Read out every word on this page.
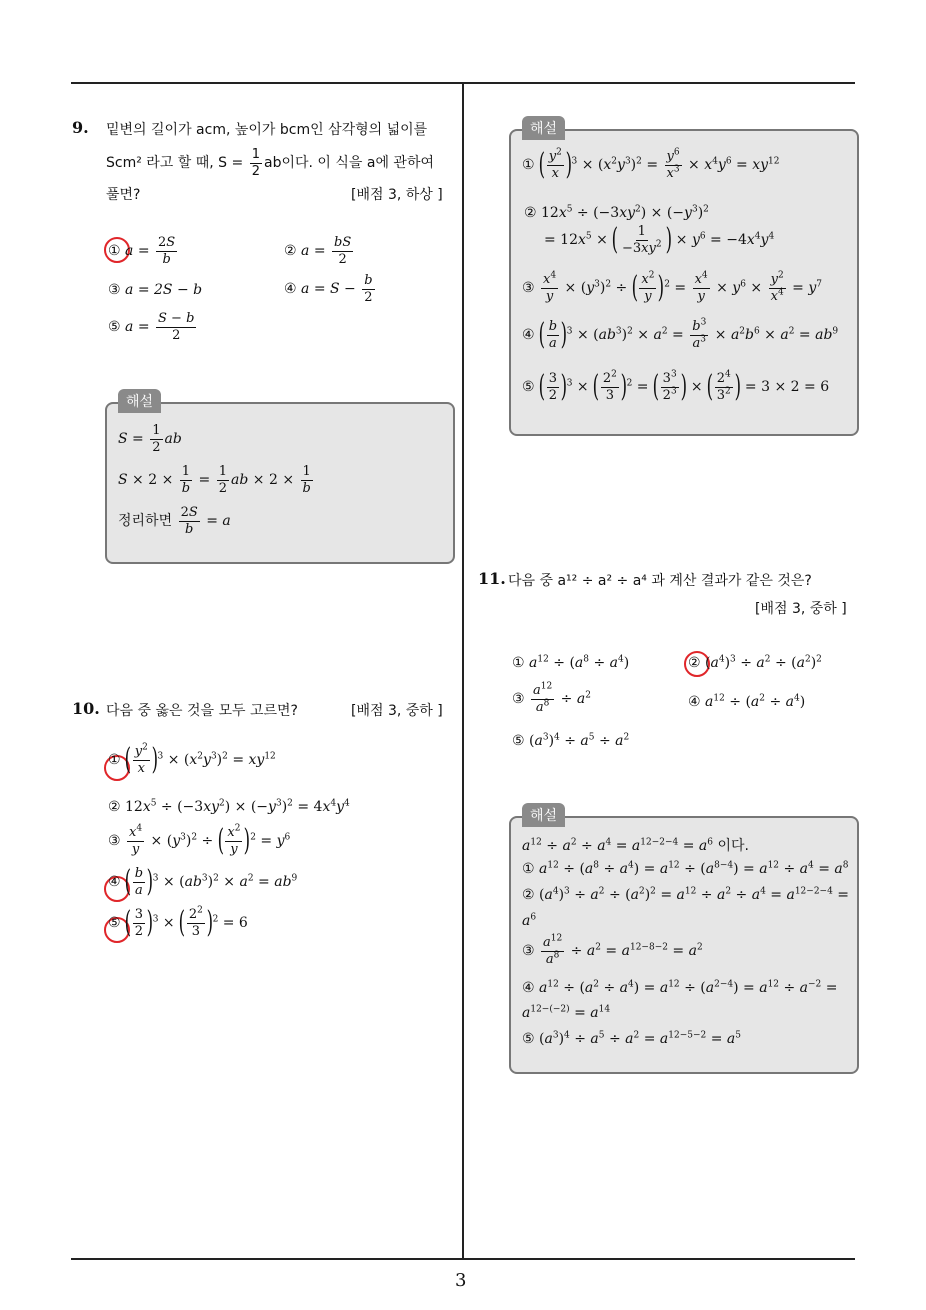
3
9. 밑변의 길이가 acm, 높이가 bcm인 삼각형의 넓이를
Scm² 라고 할 때, $S = \frac{1}{2}$ ab이다. 이 식을 a에 관하여
풀면?	[배점 3, 하상 ]
① $a = \frac{2S}{b}$	② $a = \frac{bS}{2}$
③ a = 2S − b	④ $a = S - \frac{b}{2}$
⑤ $a = \frac{S - b}{2}$
해설
$S = \frac{1}{2}$ ab
$S \times 2 \times \frac{1}{b} = \frac{1}{2}$ ab × $2 \times \frac{1}{b}$
정리하면 $\frac{2S}{b} = a$
10. 다음 중 옳은 것을 모두 고르면?	[배점 3, 중하 ]
① ( $\frac{y^2}{x} )^3 \times (x^2y^3)^2 = xy^{12}$
② $12x^5 \div (-3xy^2) \times (-y^3)^2 = 4x^4y^4$
③ $\frac{x^4}{y} \times (y^3)^2$ ÷ ( $\frac{x^2}{y} )^2 = y^6$
④ ( $\frac{b}{a} )^3 \times (ab^3)^2 \times a^2 = ab^9$
⑤ ( $\frac{3}{2} )^3$ × ( $\frac{2^2}{3} )^2 = 6$
해설
① ( $\frac{y^2}{x} )^3 \times (x^2y^3)^2 = \frac{y^6}{x^3} \times x^4y^6 = xy^{12}$
② $12x^5 \div (-3xy^2) \times (-y^3)^2$
= $12x^5$ × ( $\frac{1}{-3xy^2}$ ) × $y^6 = -4x^4y^4$
③ $\frac{x^4}{y} \times (y^3)^2$ ÷ ( $\frac{x^2}{y} )^2 = \frac{x^4}{y} \times y^6 \times \frac{y^2}{x^4} = y^7$
④ ( $\frac{b}{a} )^3 \times (ab^3)^2 \times a^2 = \frac{b^3}{a^3} \times a^2b^6 \times a^2 = ab^9$
⑤ ( $\frac{3}{2} )^3$ × ( $\frac{2^2}{3} )^2$ = ( $\frac{3^3}{2^3}$ ) × ( $\frac{2^4}{3^2}$ ) = 3 × 2 = 6
11. 다음 중 a¹² ÷ a² ÷ a⁴ 과 계산 결과가 같은 것은?
[배점 3, 중하 ]
① $a^{12} \div (a^8 \div a^4)$	② $(a^4)^3 \div a^2 \div (a^2)^2$
③ $\frac{a^{12}}{a^8} \div a^2$	④ $a^{12} \div (a^2 \div a^4)$
⑤ $(a^3)^4 \div a^5 \div a^2$
해설
$a^{12} \div a^2 \div a^4 = a^{12-2-4} = a^6$ 이다.
① $a^{12} \div (a^8 \div a^4) = a^{12} \div (a^{8-4}) = a^{12} \div a^4 = a^8$
② $(a^4)^3 \div a^2 \div (a^2)^2 = a^{12} \div a^2 \div a^4 = a^{12-2-4}$ =
$a^6$
③ $\frac{a^{12}}{a^8} \div a^2 = a^{12-8-2} = a^2$
④ $a^{12} \div (a^2 \div a^4) = a^{12} \div (a^{2-4}) = a^{12} \div a^{-2}$ =
$a^{12-(-2)} = a^{14}$
⑤ $(a^3)^4 \div a^5 \div a^2 = a^{12-5-2} = a^5$
